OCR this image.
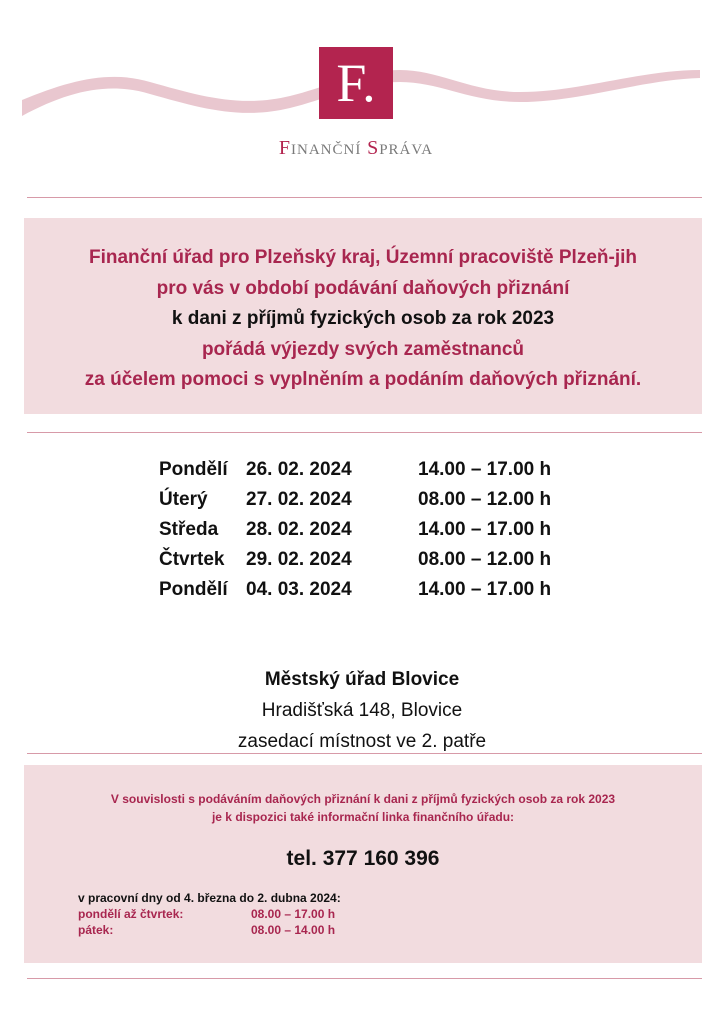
F.
FINANČNÍ SPRÁVA
Finanční úřad pro Plzeňský kraj, Územní pracoviště Plzeň-jih
pro vás v období podávání daňových přiznání
k dani z příjmů fyzických osob za rok 2023
pořádá výjezdy svých zaměstnanců
za účelem pomoci s vyplněním a podáním daňových přiznání.
Pondělí 26. 02. 2024	14.00 – 17.00 h
Úterý 27. 02. 2024	08.00 – 12.00 h
Středa 28. 02. 2024	14.00 – 17.00 h
Čtvrtek 29. 02. 2024	08.00 – 12.00 h
Pondělí 04. 03. 2024	14.00 – 17.00 h
Městský úřad Blovice
Hradišťská 148, Blovice
zasedací místnost ve 2. patře
V souvislosti s podáváním daňových přiznání k dani z příjmů fyzických osob za rok 2023
je k dispozici také informační linka finančního úřadu:
tel. 377 160 396
v pracovní dny od 4. března do 2. dubna 2024:
pondělí až čtvrtek:	08.00 – 17.00 h
pátek:	08.00 – 14.00 h
